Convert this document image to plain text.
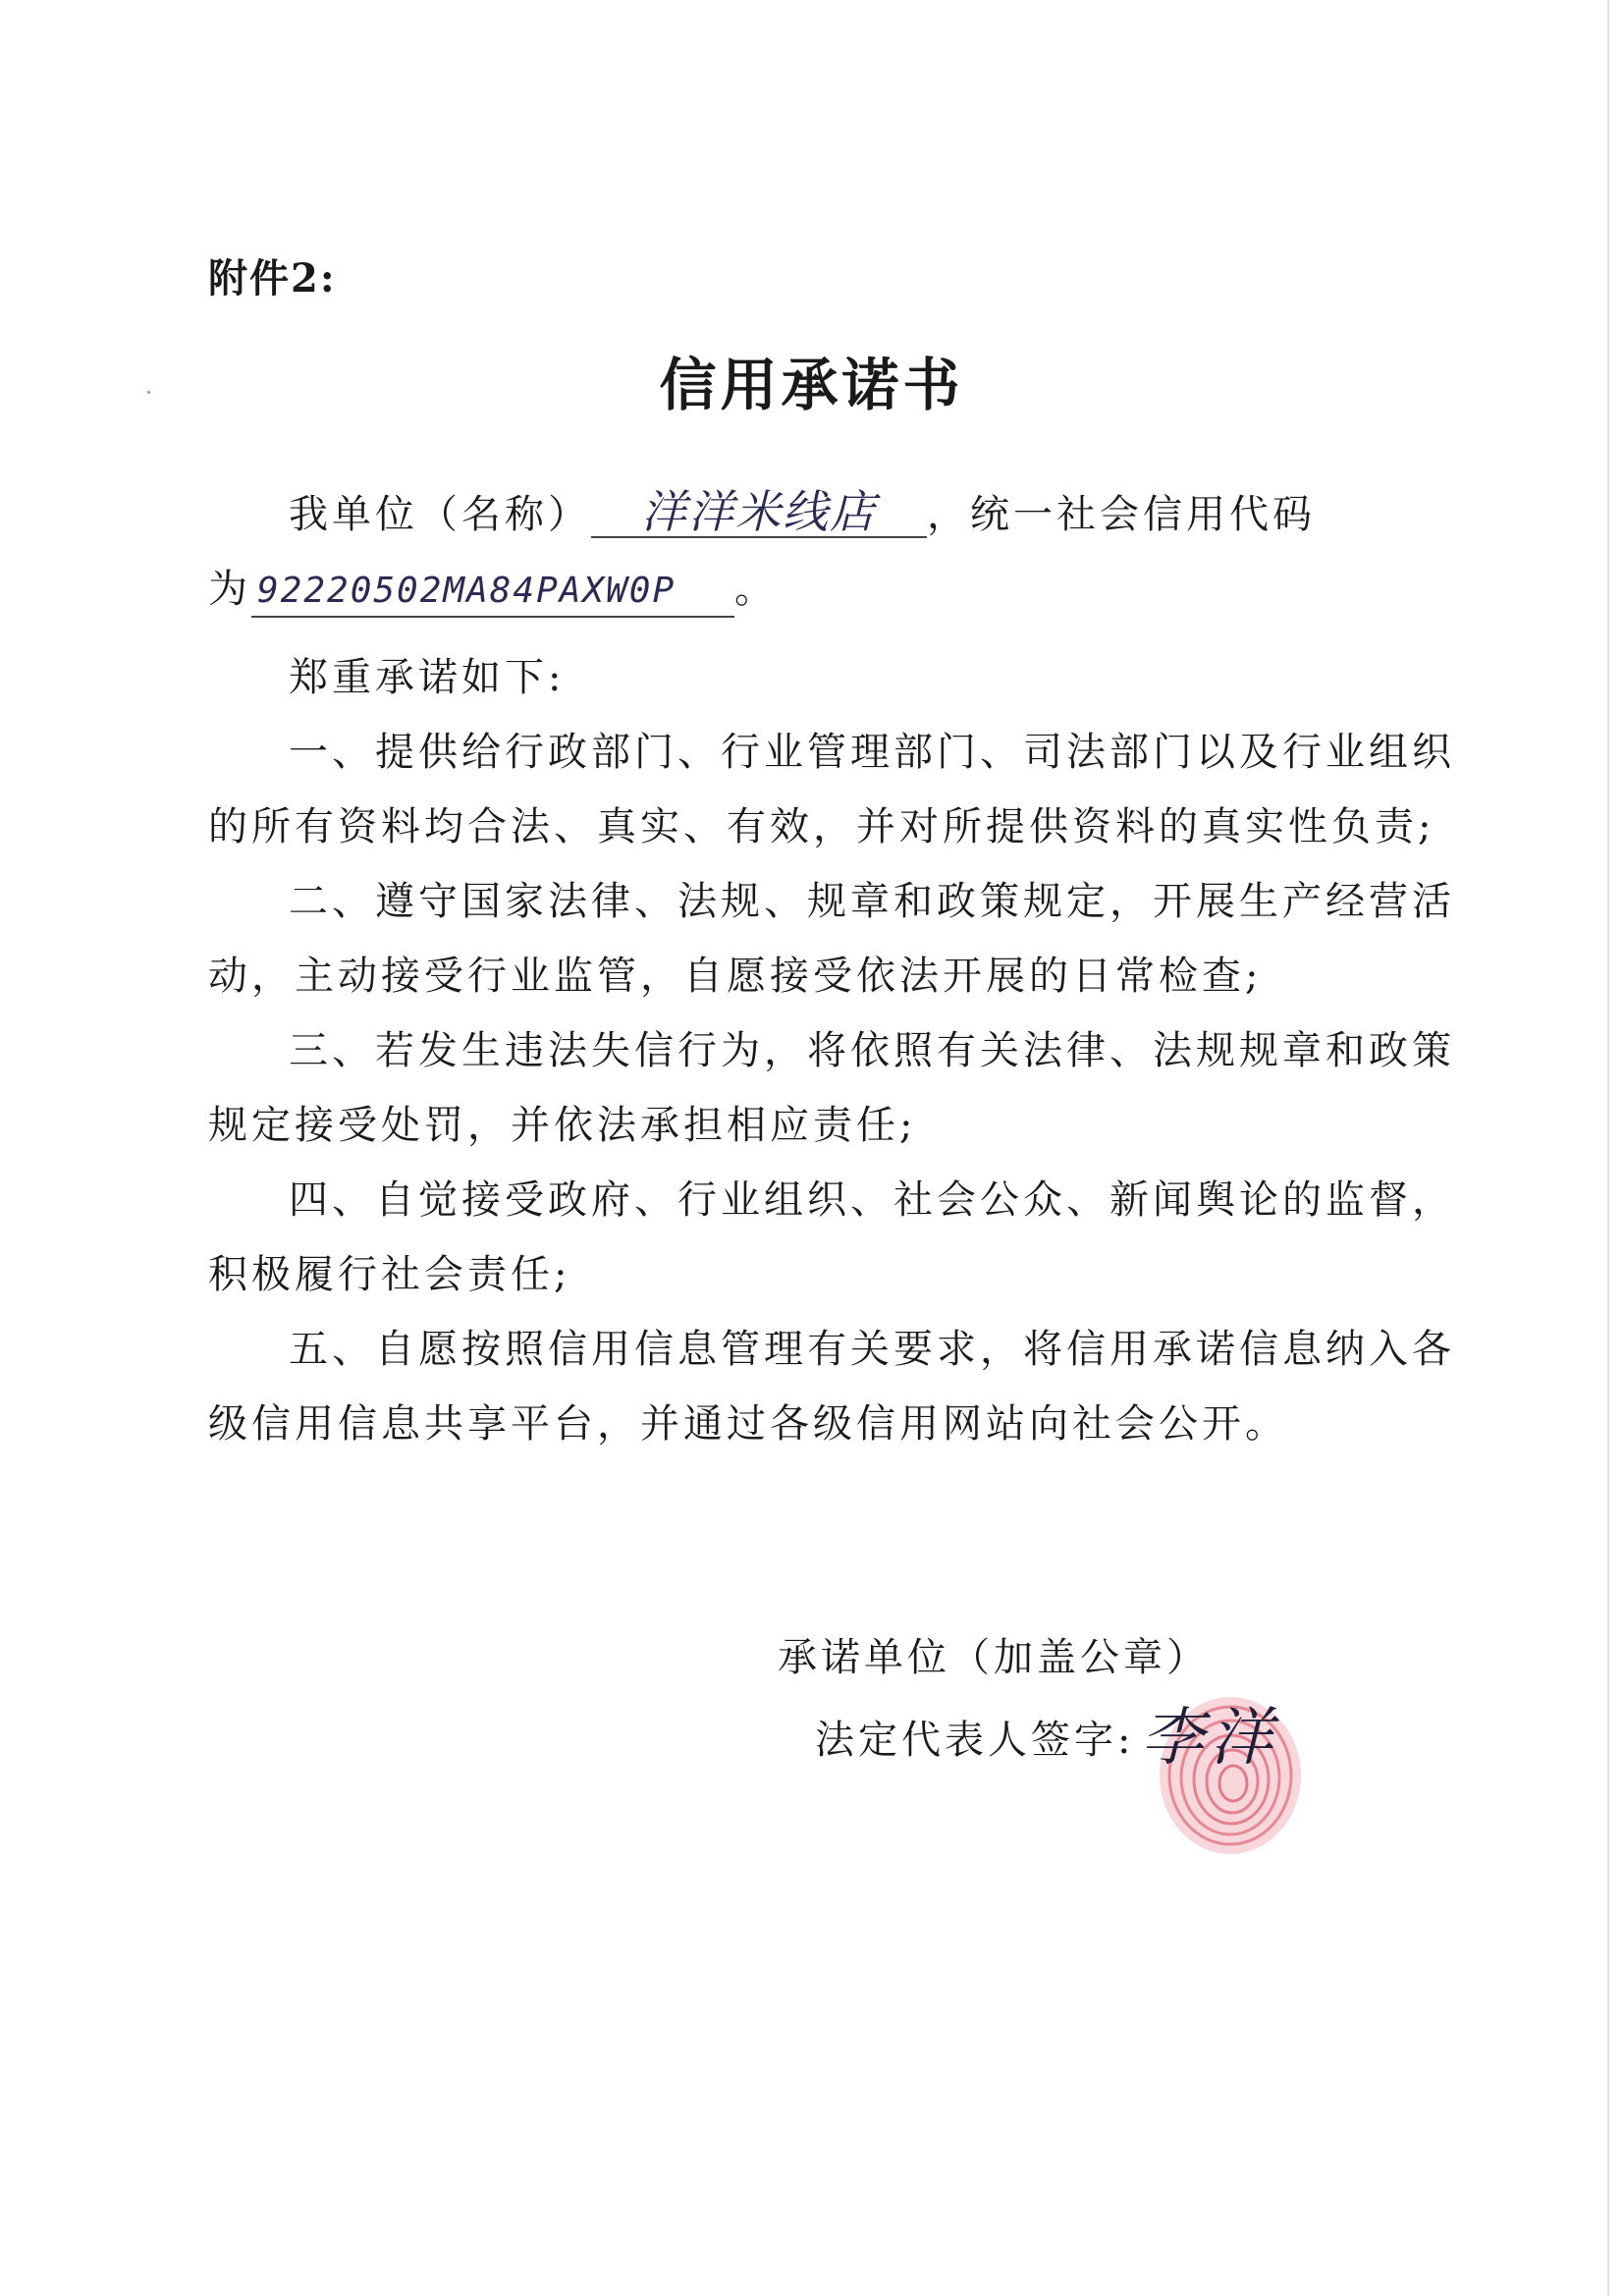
附件2:
信用承诺书
我单位（名称） 洋洋米线店 ，统一社会信用代码
为 92220502MA84PAXW0P 。
郑重承诺如下:
一、提供给行政部门、行业管理部门、司法部门以及行业组织
的所有资料均合法、真实、有效，并对所提供资料的真实性负责;
二、遵守国家法律、法规、规章和政策规定，开展生产经营活
动，主动接受行业监管，自愿接受依法开展的日常检查;
三、若发生违法失信行为，将依照有关法律、法规规章和政策
规定接受处罚，并依法承担相应责任;
四、自觉接受政府、行业组织、社会公众、新闻舆论的监督，
积极履行社会责任;
五、自愿按照信用信息管理有关要求，将信用承诺信息纳入各
级信用信息共享平台，并通过各级信用网站向社会公开。
承诺单位（加盖公章）
法定代表人签字: 李洋
